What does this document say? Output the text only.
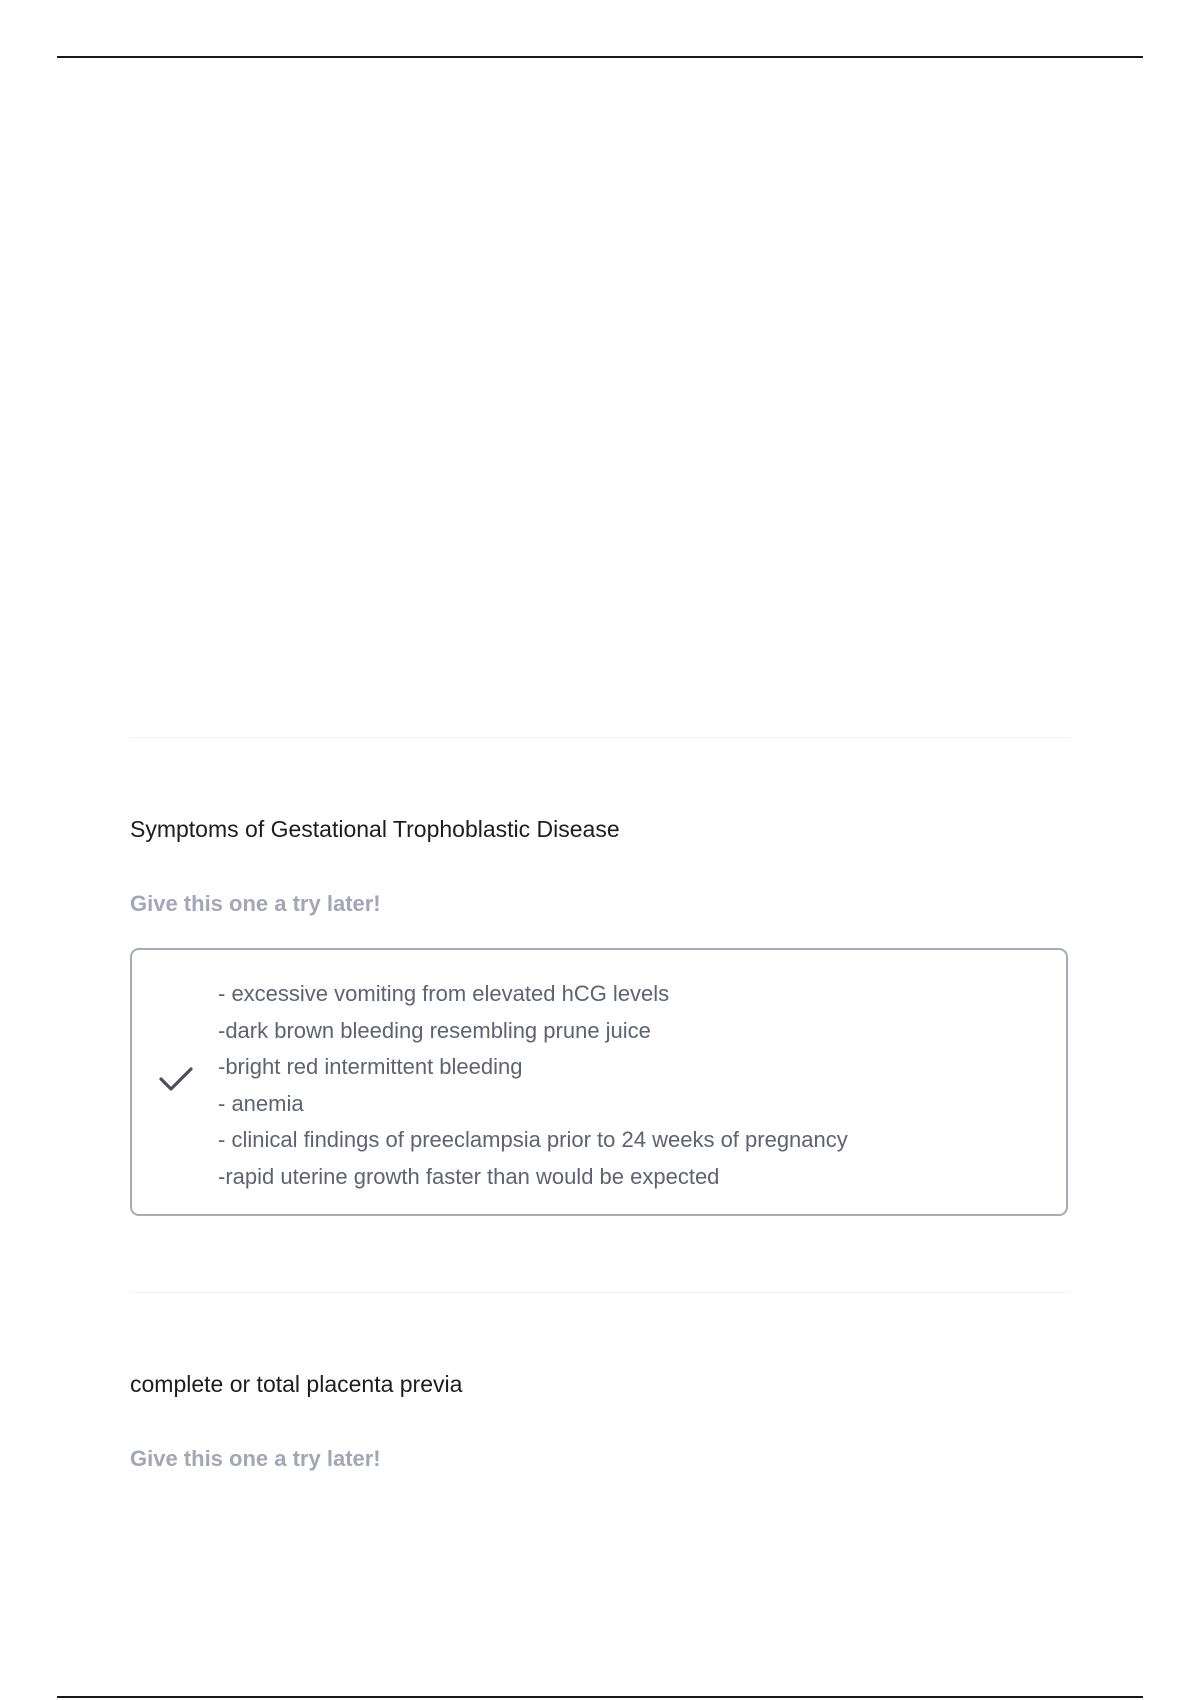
Symptoms of Gestational Trophoblastic Disease
Give this one a try later!
- excessive vomiting from elevated hCG levels
-dark brown bleeding resembling prune juice
-bright red intermittent bleeding
- anemia
- clinical findings of preeclampsia prior to 24 weeks of pregnancy
-rapid uterine growth faster than would be expected
complete or total placenta previa
Give this one a try later!
